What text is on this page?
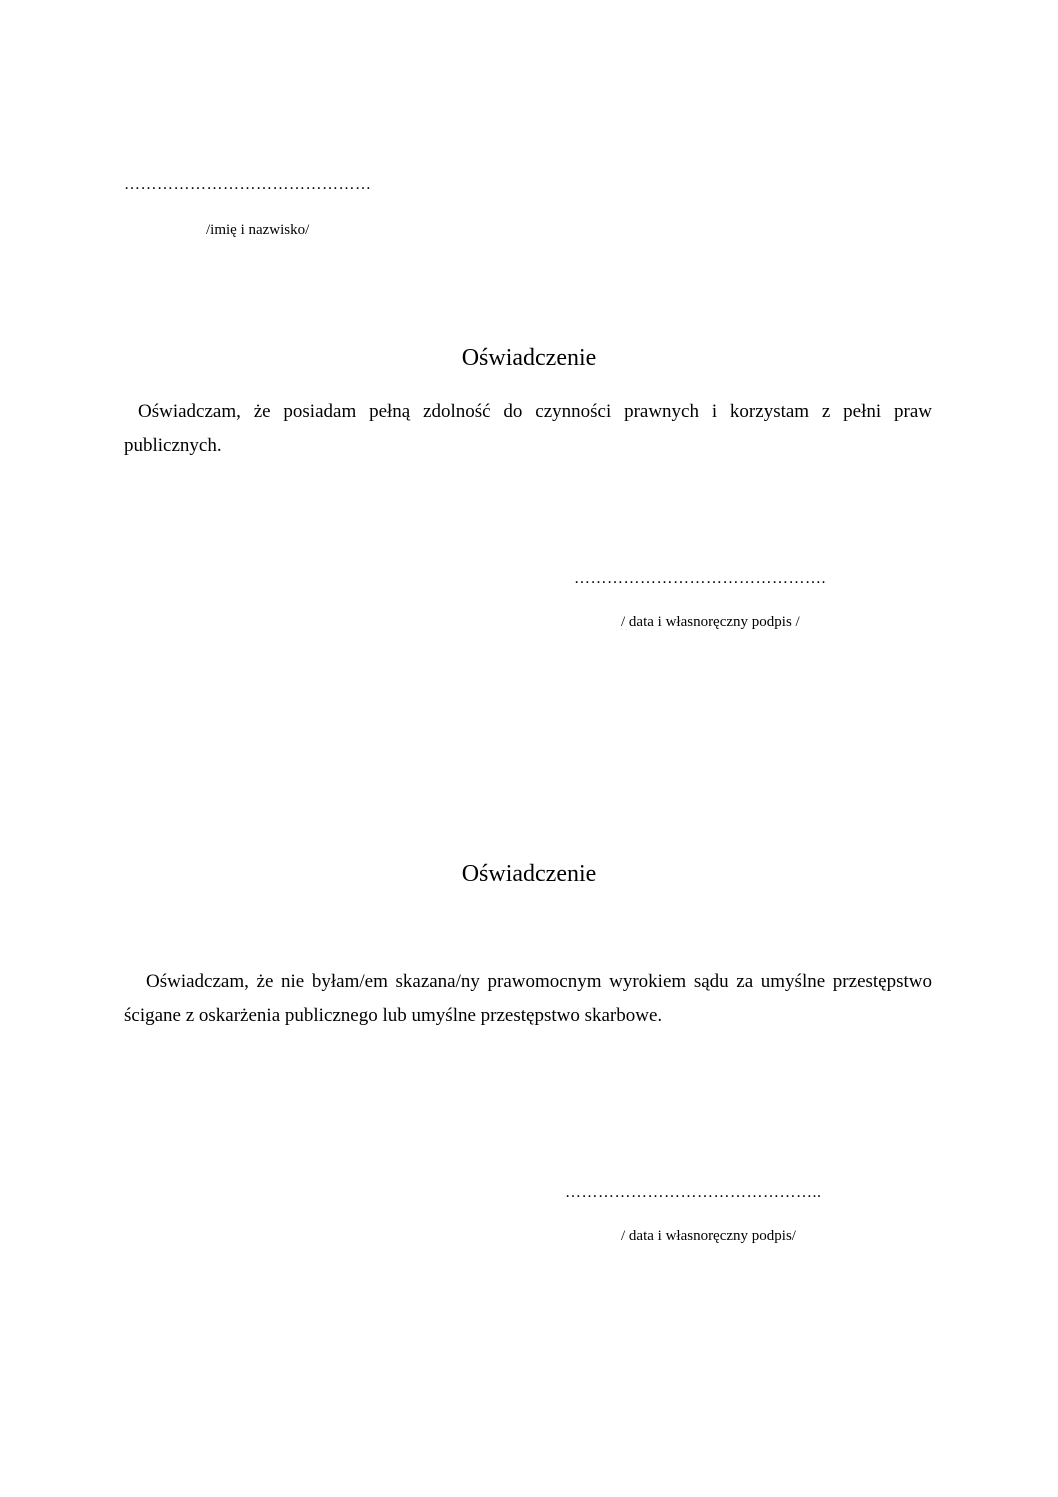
………………………………………
/imię i nazwisko/
Oświadczenie
Oświadczam, że posiadam pełną zdolność do czynności prawnych i korzystam z pełni praw publicznych.
……………………………………….
/ data i własnoręczny podpis /
Oświadczenie
Oświadczam, że nie byłam/em skazana/ny prawomocnym wyrokiem sądu za umyślne przestępstwo ścigane z oskarżenia publicznego lub umyślne przestępstwo skarbowe.
………………………………………..
/ data i własnoręczny podpis/
